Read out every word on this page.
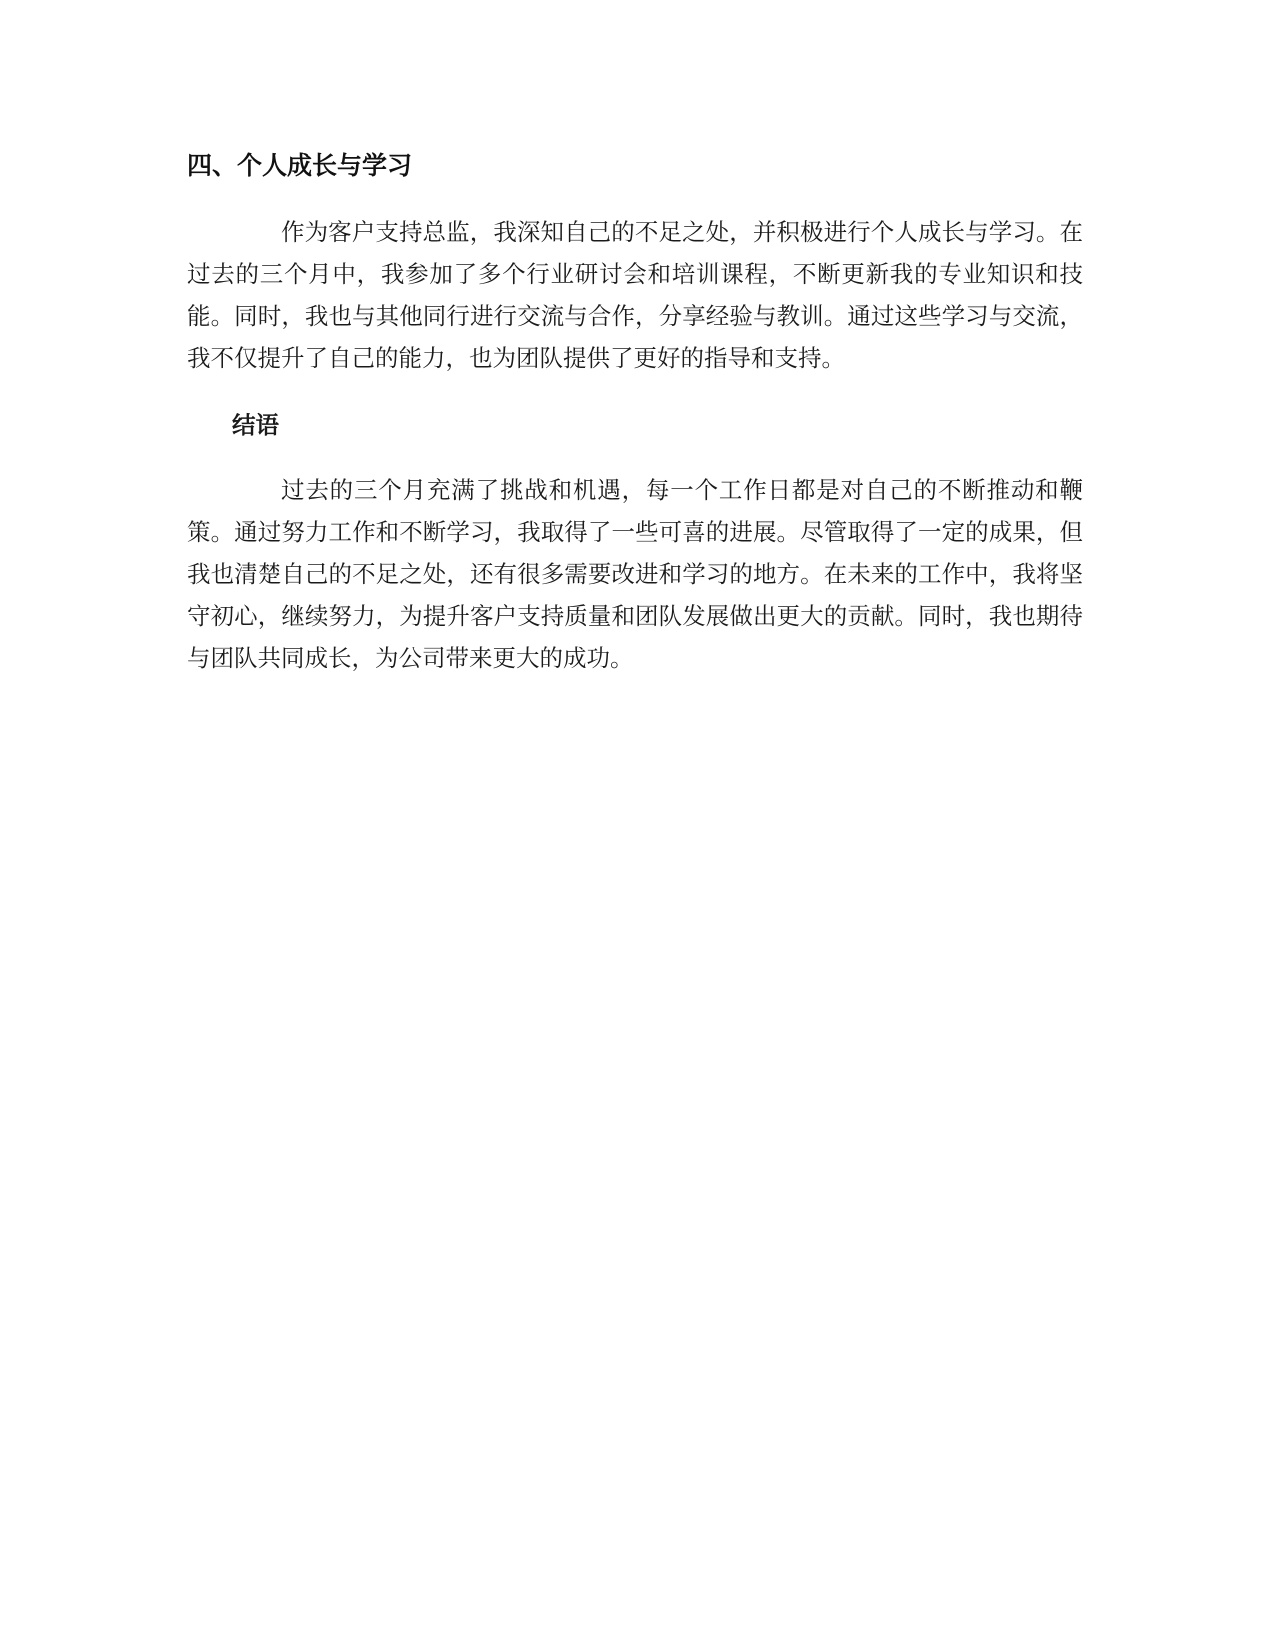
四、个人成长与学习

作为客户支持总监，我深知自己的不足之处，并积极进行个人成长与学习。在过去的三个月中，我参加了多个行业研讨会和培训课程，不断更新我的专业知识和技能。同时，我也与其他同行进行交流与合作，分享经验与教训。通过这些学习与交流，我不仅提升了自己的能力，也为团队提供了更好的指导和支持。

结语

过去的三个月充满了挑战和机遇，每一个工作日都是对自己的不断推动和鞭策。通过努力工作和不断学习，我取得了一些可喜的进展。尽管取得了一定的成果，但我也清楚自己的不足之处，还有很多需要改进和学习的地方。在未来的工作中，我将坚守初心，继续努力，为提升客户支持质量和团队发展做出更大的贡献。同时，我也期待与团队共同成长，为公司带来更大的成功。
